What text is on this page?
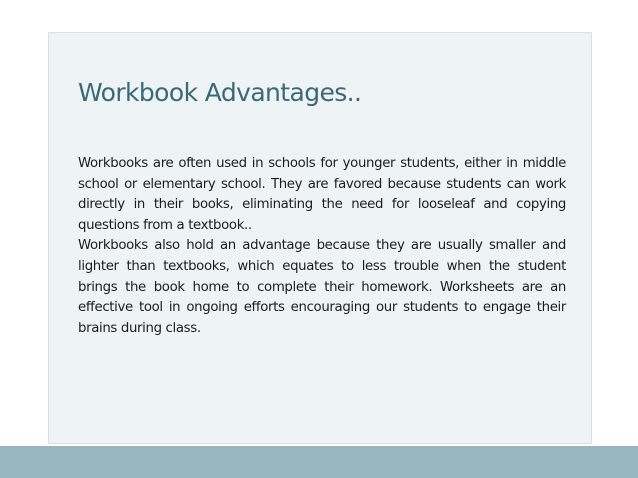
Workbook Advantages..

Workbooks are often used in schools for younger students, either in middle school or elementary school. They are favored because students can work directly in their books, eliminating the need for looseleaf and copying questions from a textbook..

Workbooks also hold an advantage because they are usually smaller and lighter than textbooks, which equates to less trouble when the student brings the book home to complete their homework. Worksheets are an effective tool in ongoing efforts encouraging our students to engage their brains during class.
